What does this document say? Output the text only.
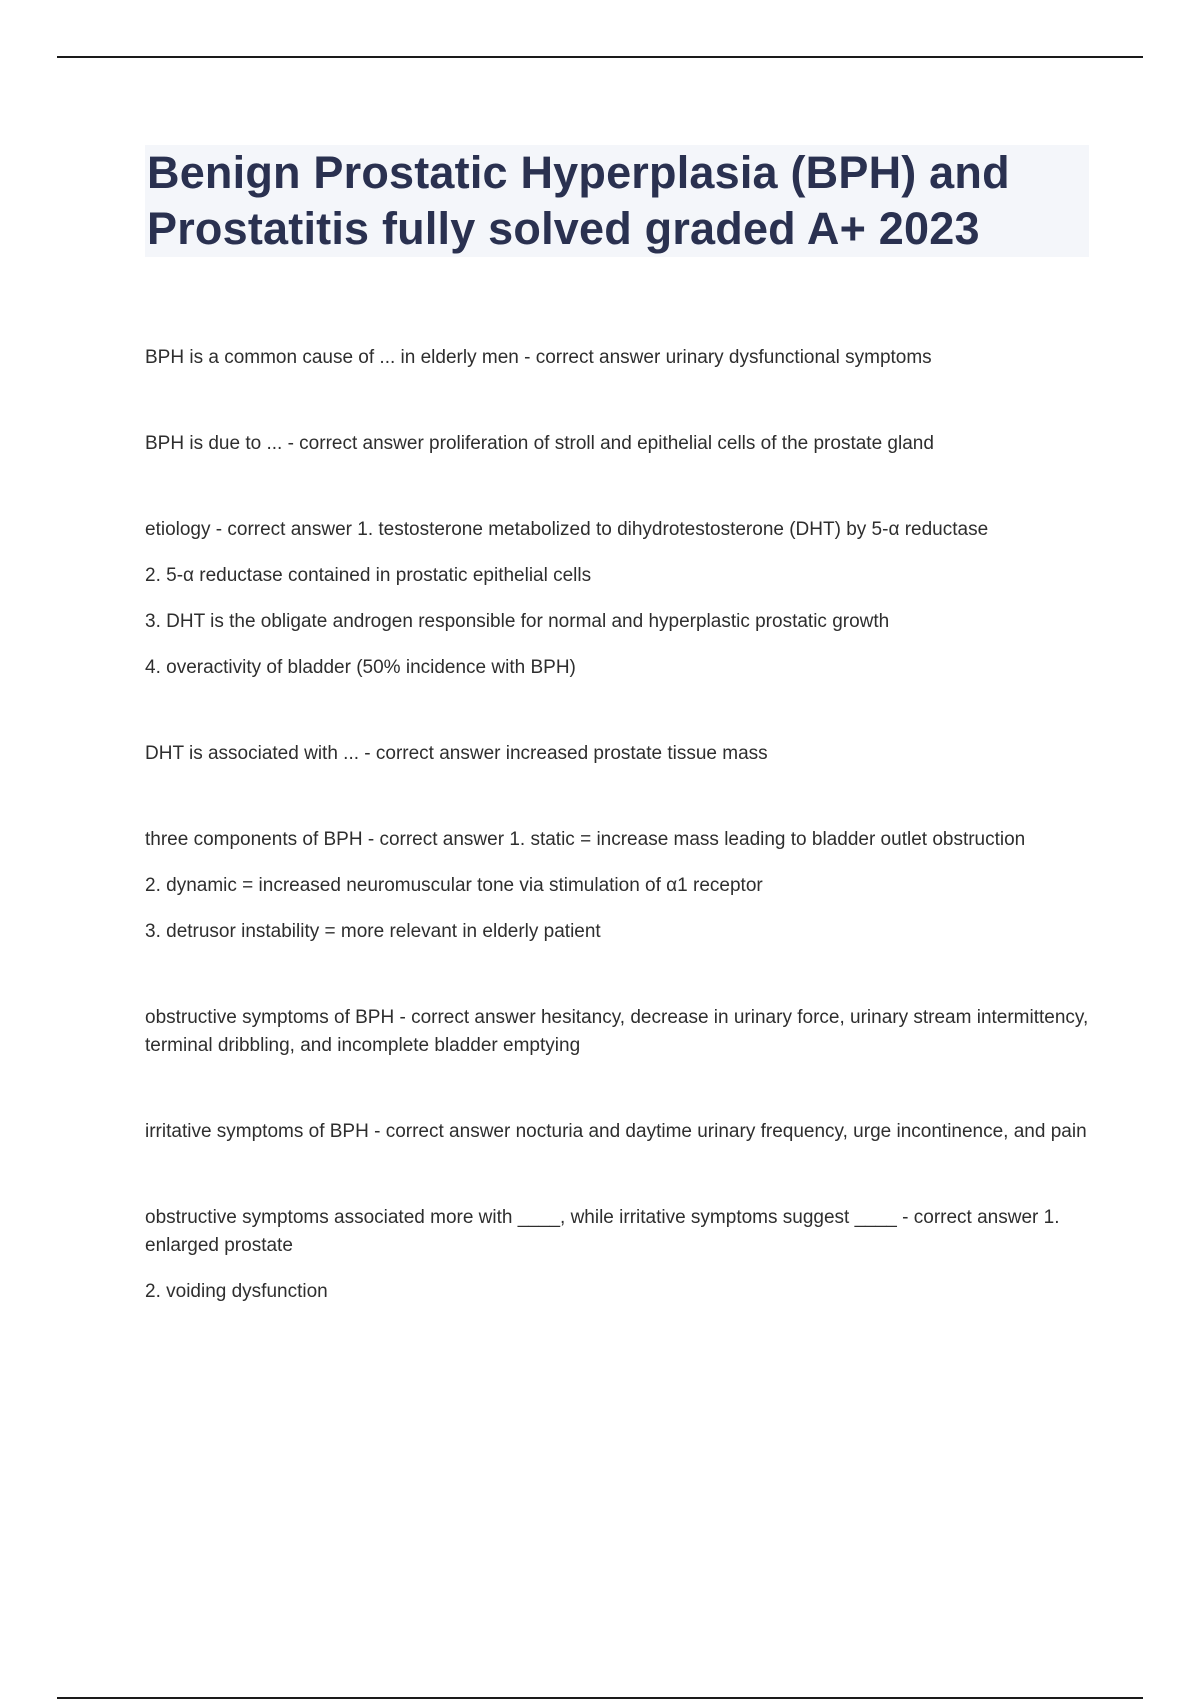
Benign Prostatic Hyperplasia (BPH) and Prostatitis fully solved graded A+ 2023

BPH is a common cause of ... in elderly men - correct answer urinary dysfunctional symptoms

BPH is due to ... - correct answer proliferation of stroll and epithelial cells of the prostate gland

etiology - correct answer 1. testosterone metabolized to dihydrotestosterone (DHT) by 5-α reductase

2. 5-α reductase contained in prostatic epithelial cells

3. DHT is the obligate androgen responsible for normal and hyperplastic prostatic growth

4. overactivity of bladder (50% incidence with BPH)

DHT is associated with ... - correct answer increased prostate tissue mass

three components of BPH - correct answer 1. static = increase mass leading to bladder outlet obstruction

2. dynamic = increased neuromuscular tone via stimulation of α1 receptor

3. detrusor instability = more relevant in elderly patient

obstructive symptoms of BPH - correct answer hesitancy, decrease in urinary force, urinary stream intermittency, terminal dribbling, and incomplete bladder emptying

irritative symptoms of BPH - correct answer nocturia and daytime urinary frequency, urge incontinence, and pain

obstructive symptoms associated more with ____, while irritative symptoms suggest ____ - correct answer 1. enlarged prostate

2. voiding dysfunction
